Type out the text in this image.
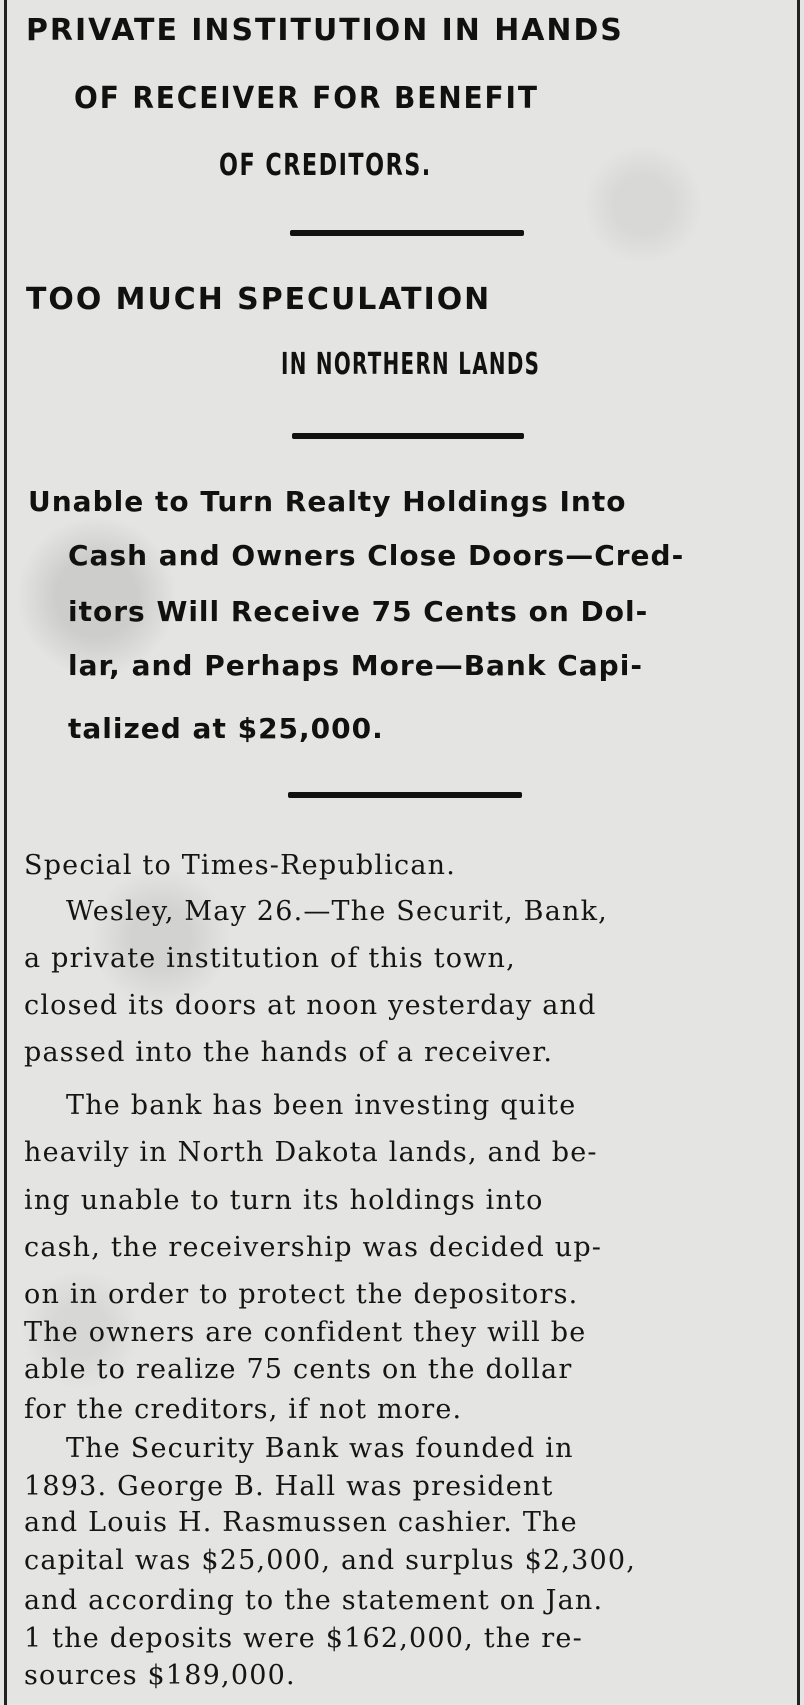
PRIVATE INSTITUTION IN HANDS
OF RECEIVER FOR BENEFIT
OF CREDITORS.
TOO MUCH SPECULATION
IN NORTHERN LANDS
Unable to Turn Realty Holdings Into
Cash and Owners Close Doors—Cred-
itors Will Receive 75 Cents on Dol-
lar, and Perhaps More—Bank Capi-
talized at $25,000.
Special to Times-Republican.
Wesley, May 26.—The Securit, Bank,
a private institution of this town,
closed its doors at noon yesterday and
passed into the hands of a receiver.
The bank has been investing quite
heavily in North Dakota lands, and be-
ing unable to turn its holdings into
cash, the receivership was decided up-
on in order to protect the depositors.
The owners are confident they will be
able to realize 75 cents on the dollar
for the creditors, if not more.
The Security Bank was founded in
1893. George B. Hall was president
and Louis H. Rasmussen cashier. The
capital was $25,000, and surplus $2,300,
and according to the statement on Jan.
1 the deposits were $162,000, the re-
sources $189,000.
